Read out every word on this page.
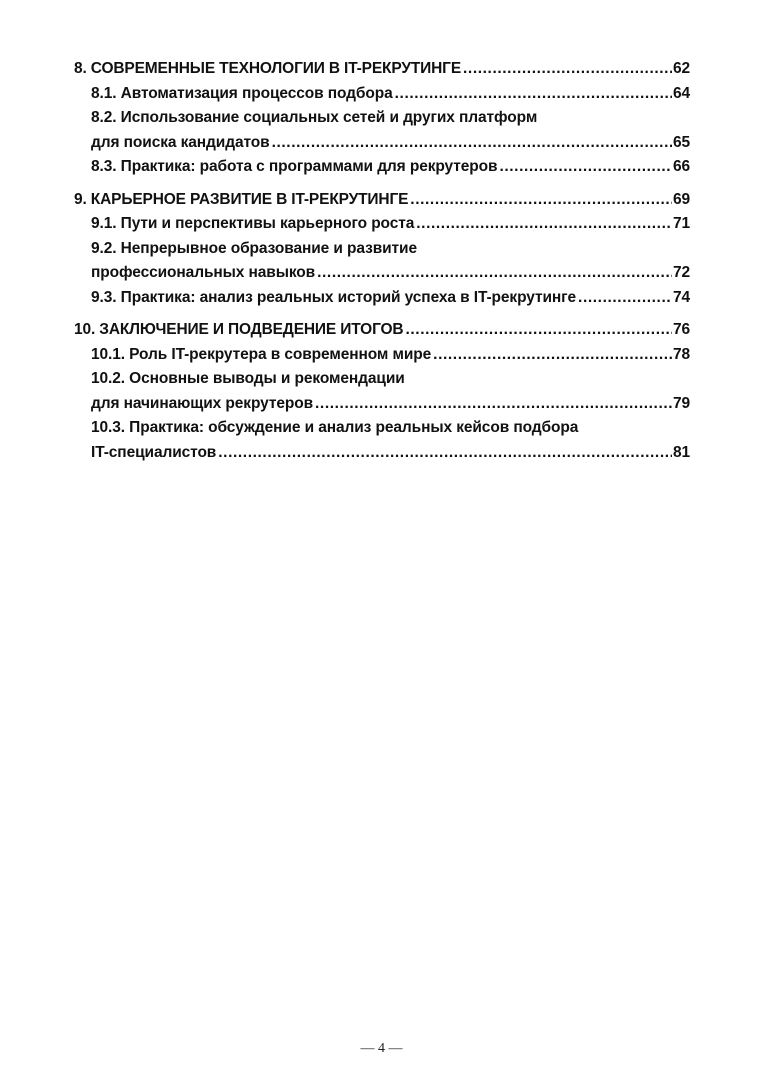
8. СОВРЕМЕННЫЕ ТЕХНОЛОГИИ В IT-РЕКРУТИНГЕ .....	62
8.1. Автоматизация процессов подбора .....	64
8.2. Использование социальных сетей и других платформ
для поиска кандидатов .....	65
8.3. Практика: работа с программами для рекрутеров .....	66
9. КАРЬЕРНОЕ РАЗВИТИЕ В IT-РЕКРУТИНГЕ .....	69
9.1. Пути и перспективы карьерного роста .....	71
9.2. Непрерывное образование и развитие
профессиональных навыков .....	72
9.3. Практика: анализ реальных историй успеха в IT-рекрутинге .....	74
10. ЗАКЛЮЧЕНИЕ И ПОДВЕДЕНИЕ ИТОГОВ .....	76
10.1. Роль IT-рекрутера в современном мире .....	78
10.2. Основные выводы и рекомендации
для начинающих рекрутеров .....	79
10.3. Практика: обсуждение и анализ реальных кейсов подбора
IT-специалистов .....	81
— 4 —
